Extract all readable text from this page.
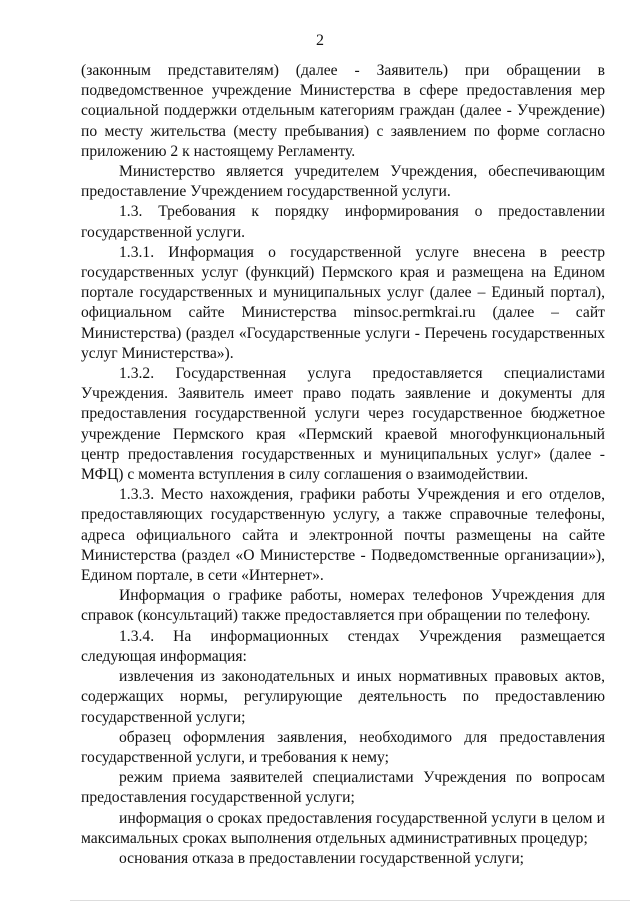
2

(законным представителям) (далее - Заявитель) при обращении в подведомственное учреждение Министерства в сфере предоставления мер социальной поддержки отдельным категориям граждан (далее - Учреждение) по месту жительства (месту пребывания) с заявлением по форме согласно приложению 2 к настоящему Регламенту.

Министерство является учредителем Учреждения, обеспечивающим предоставление Учреждением государственной услуги.

1.3. Требования к порядку информирования о предоставлении государственной услуги.

1.3.1. Информация о государственной услуге внесена в реестр государственных услуг (функций) Пермского края и размещена на Едином портале государственных и муниципальных услуг (далее – Единый портал), официальном сайте Министерства minsoc.permkrai.ru (далее – сайт Министерства) (раздел «Государственные услуги - Перечень государственных услуг Министерства»).

1.3.2. Государственная услуга предоставляется специалистами Учреждения. Заявитель имеет право подать заявление и документы для предоставления государственной услуги через государственное бюджетное учреждение Пермского края «Пермский краевой многофункциональный центр предоставления государственных и муниципальных услуг» (далее - МФЦ) с момента вступления в силу соглашения о взаимодействии.

1.3.3. Место нахождения, графики работы Учреждения и его отделов, предоставляющих государственную услугу, а также справочные телефоны, адреса официального сайта и электронной почты размещены на сайте Министерства (раздел «О Министерстве - Подведомственные организации»), Едином портале, в сети «Интернет».

Информация о графике работы, номерах телефонов Учреждения для справок (консультаций) также предоставляется при обращении по телефону.

1.3.4. На информационных стендах Учреждения размещается следующая информация:

извлечения из законодательных и иных нормативных правовых актов, содержащих нормы, регулирующие деятельность по предоставлению государственной услуги;

образец оформления заявления, необходимого для предоставления государственной услуги, и требования к нему;

режим приема заявителей специалистами Учреждения по вопросам предоставления государственной услуги;

информация о сроках предоставления государственной услуги в целом и максимальных сроках выполнения отдельных административных процедур;

основания отказа в предоставлении государственной услуги;
